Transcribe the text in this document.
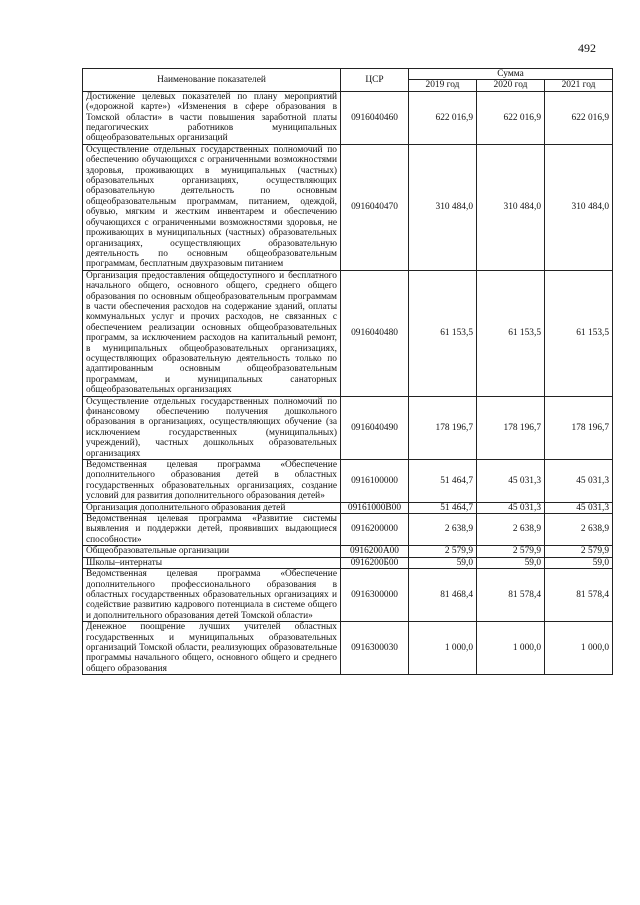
492
Наименование показателей	ЦСР	Сумма		
		2019 год	2020 год	2021 год
Достижение целевых показателей по плану мероприятий («дорожной карте») «Изменения в сфере образования в Томской области» в части повышения заработной платы педагогических работников муниципальных общеобразовательных организаций	0916040460	622 016,9	622 016,9	622 016,9
Осуществление отдельных государственных полномочий по обеспечению обучающихся с ограниченными возможностями здоровья, проживающих в муниципальных (частных) образовательных организациях, осуществляющих образовательную деятельность по основным общеобразовательным программам, питанием, одеждой, обувью, мягким и жестким инвентарем и обеспечению обучающихся с ограниченными возможностями здоровья, не проживающих в муниципальных (частных) образовательных организациях, осуществляющих образовательную деятельность по основным общеобразовательным программам, бесплатным двухразовым питанием	0916040470	310 484,0	310 484,0	310 484,0
Организация предоставления общедоступного и бесплатного начального общего, основного общего, среднего общего образования по основным общеобразовательным программам в части обеспечения расходов на содержание зданий, оплаты коммунальных услуг и прочих расходов, не связанных с обеспечением реализации основных общеобразовательных программ, за исключением расходов на капитальный ремонт, в муниципальных общеобразовательных организациях, осуществляющих образовательную деятельность только по адаптированным основным общеобразовательным программам, и муниципальных санаторных общеобразовательных организациях	0916040480	61 153,5	61 153,5	61 153,5
Осуществление отдельных государственных полномочий по финансовому обеспечению получения дошкольного образования в организациях, осуществляющих обучение (за исключением государственных (муниципальных) учреждений), частных дошкольных образовательных организациях	0916040490	178 196,7	178 196,7	178 196,7
Ведомственная целевая программа «Обеспечение дополнительного образования детей в областных государственных образовательных организациях, создание условий для развития дополнительного образования детей»	0916100000	51 464,7	45 031,3	45 031,3
Организация дополнительного образования детей	09161000В00	51 464,7	45 031,3	45 031,3
Ведомственная целевая программа «Развитие системы выявления и поддержки детей, проявивших выдающиеся способности»	0916200000	2 638,9	2 638,9	2 638,9
Общеобразовательные организации	0916200А00	2 579,9	2 579,9	2 579,9
Школы–интернаты	0916200Б00	59,0	59,0	59,0
Ведомственная целевая программа «Обеспечение дополнительного профессионального образования в областных государственных образовательных организациях и содействие развитию кадрового потенциала в системе общего и дополнительного образования детей Томской области»	0916300000	81 468,4	81 578,4	81 578,4
Денежное поощрение лучших учителей областных государственных и муниципальных образовательных организаций Томской области, реализующих образовательные программы начального общего, основного общего и среднего общего образования	0916300030	1 000,0	1 000,0	1 000,0
